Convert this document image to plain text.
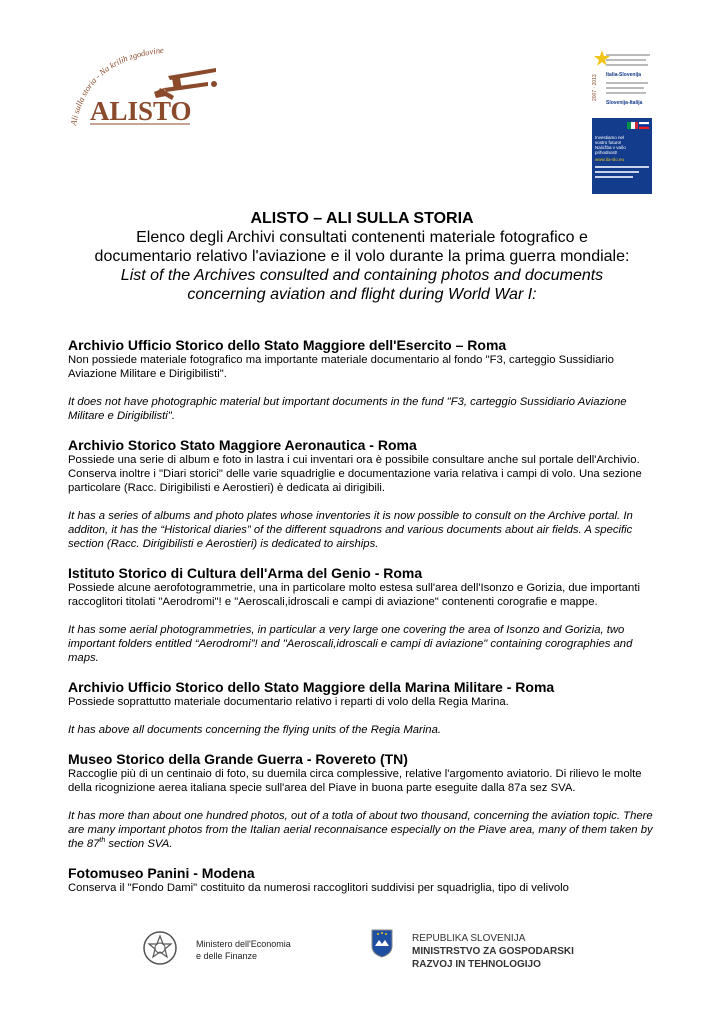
Ali sulla storia - Na krilih zgodovine
ALISTO
2007 · 2013 Italia-Slovenija
Slovenija-Italija
Investiamo nel vostro futuro! Naložba v vašo prihodnost!
www.ita-slo.eu
ALISTO – ALI SULLA STORIA
Elenco degli Archivi consultati contenenti materiale fotografico e
documentario relativo l'aviazione e il volo durante la prima guerra mondiale:
List of the Archives consulted and containing photos and documents
concerning aviation and flight during World War I:
Archivio Ufficio Storico dello Stato Maggiore dell'Esercito – Roma
Non possiede materiale fotografico ma importante materiale documentario al fondo "F3, carteggio Sussidiario Aviazione Militare e Dirigibilisti".
It does not have photographic material but important documents in the fund "F3, carteggio Sussidiario Aviazione Militare e Dirigibilisti".
Archivio Storico Stato Maggiore Aeronautica - Roma
Possiede una serie di album e foto in lastra i cui inventari ora è possibile consultare anche sul portale dell'Archivio. Conserva inoltre i "Diari storici" delle varie squadriglie e documentazione varia relativa i campi di volo. Una sezione particolare (Racc. Dirigibilisti e Aerostieri) è dedicata ai dirigibili.
It has a series of albums and photo plates whose inventories it is now possible to consult on the Archive portal. In additon, it has the “Historical diaries” of the different squadrons and various documents about air fields. A specific section (Racc. Dirigibilisti e Aerostieri) is dedicated to airships.
Istituto Storico di Cultura dell'Arma del Genio - Roma
Possiede alcune aerofotogrammetrie, una in particolare molto estesa sull'area dell'Isonzo e Gorizia, due importanti raccoglitori titolati "Aerodromi"! e "Aeroscali,idroscali e campi di aviazione" contenenti corografie e mappe.
It has some aerial photogrammetries, in particular a very large one covering the area of Isonzo and Gorizia, two important folders entitled “Aerodromi”! and "Aeroscali,idroscali e campi di aviazione" containing corographies and maps.
Archivio Ufficio Storico dello Stato Maggiore della Marina Militare - Roma
Possiede soprattutto materiale documentario relativo i reparti di volo della Regia Marina.
It has above all documents concerning the flying units of the Regia Marina.
Museo Storico della Grande Guerra - Rovereto (TN)
Raccoglie più di un centinaio di foto, su duemila circa complessive, relative l'argomento aviatorio. Di rilievo le molte della ricognizione aerea italiana specie sull'area del Piave in buona parte eseguite dalla 87a sez SVA.
It has more than about one hundred photos, out of a totla of about two thousand, concerning the aviation topic. There are many important photos from the Italian aerial reconnaisance especially on the Piave area, many of them taken by the 87th section SVA.
Fotomuseo Panini - Modena
Conserva il "Fondo Dami" costituito da numerosi raccoglitori suddivisi per squadriglia, tipo di velivolo
Ministero dell'Economia
e delle Finanze
REPUBLIKA SLOVENIJA
MINISTRSTVO ZA GOSPODARSKI
RAZVOJ IN TEHNOLOGIJO
